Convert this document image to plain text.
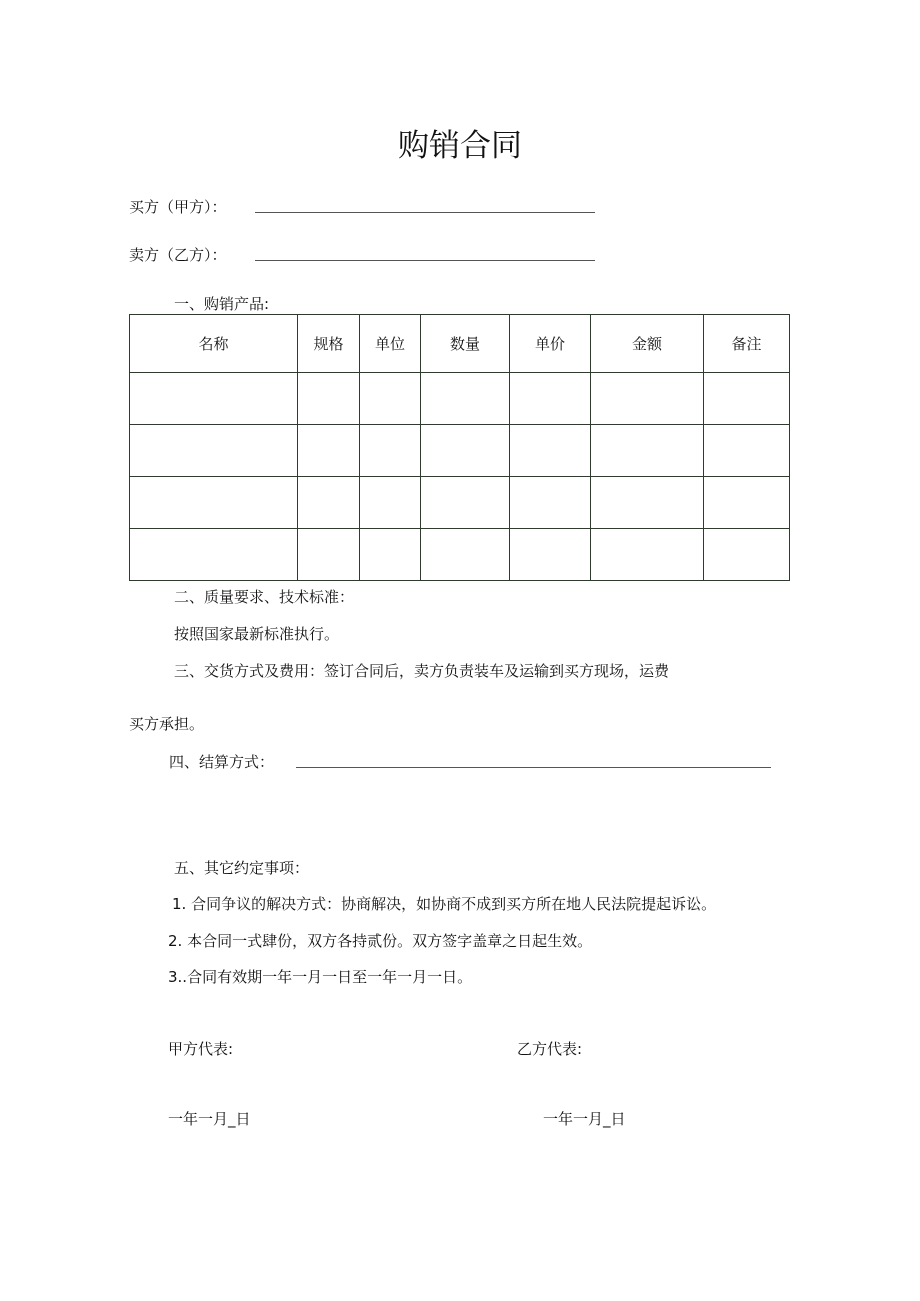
购销合同
买方（甲方）：
卖方（乙方）：
一、购销产品:
名称	规格	单位	数量	单价	金额	备注

二、质量要求、技术标准：
按照国家最新标准执行。
三、交货方式及费用：签订合同后，卖方负责装车及运输到买方现场，运费
买方承担。
四、结算方式：
五、其它约定事项：
1. 合同争议的解决方式：协商解决，如协商不成到买方所在地人民法院提起诉讼。
2. 本合同一式肆份，双方各持贰份。双方签字盖章之日起生效。
3..合同有效期一年一月一日至一年一月一日。
甲方代表:	乙方代表:
一年一月_日	一年一月_日
